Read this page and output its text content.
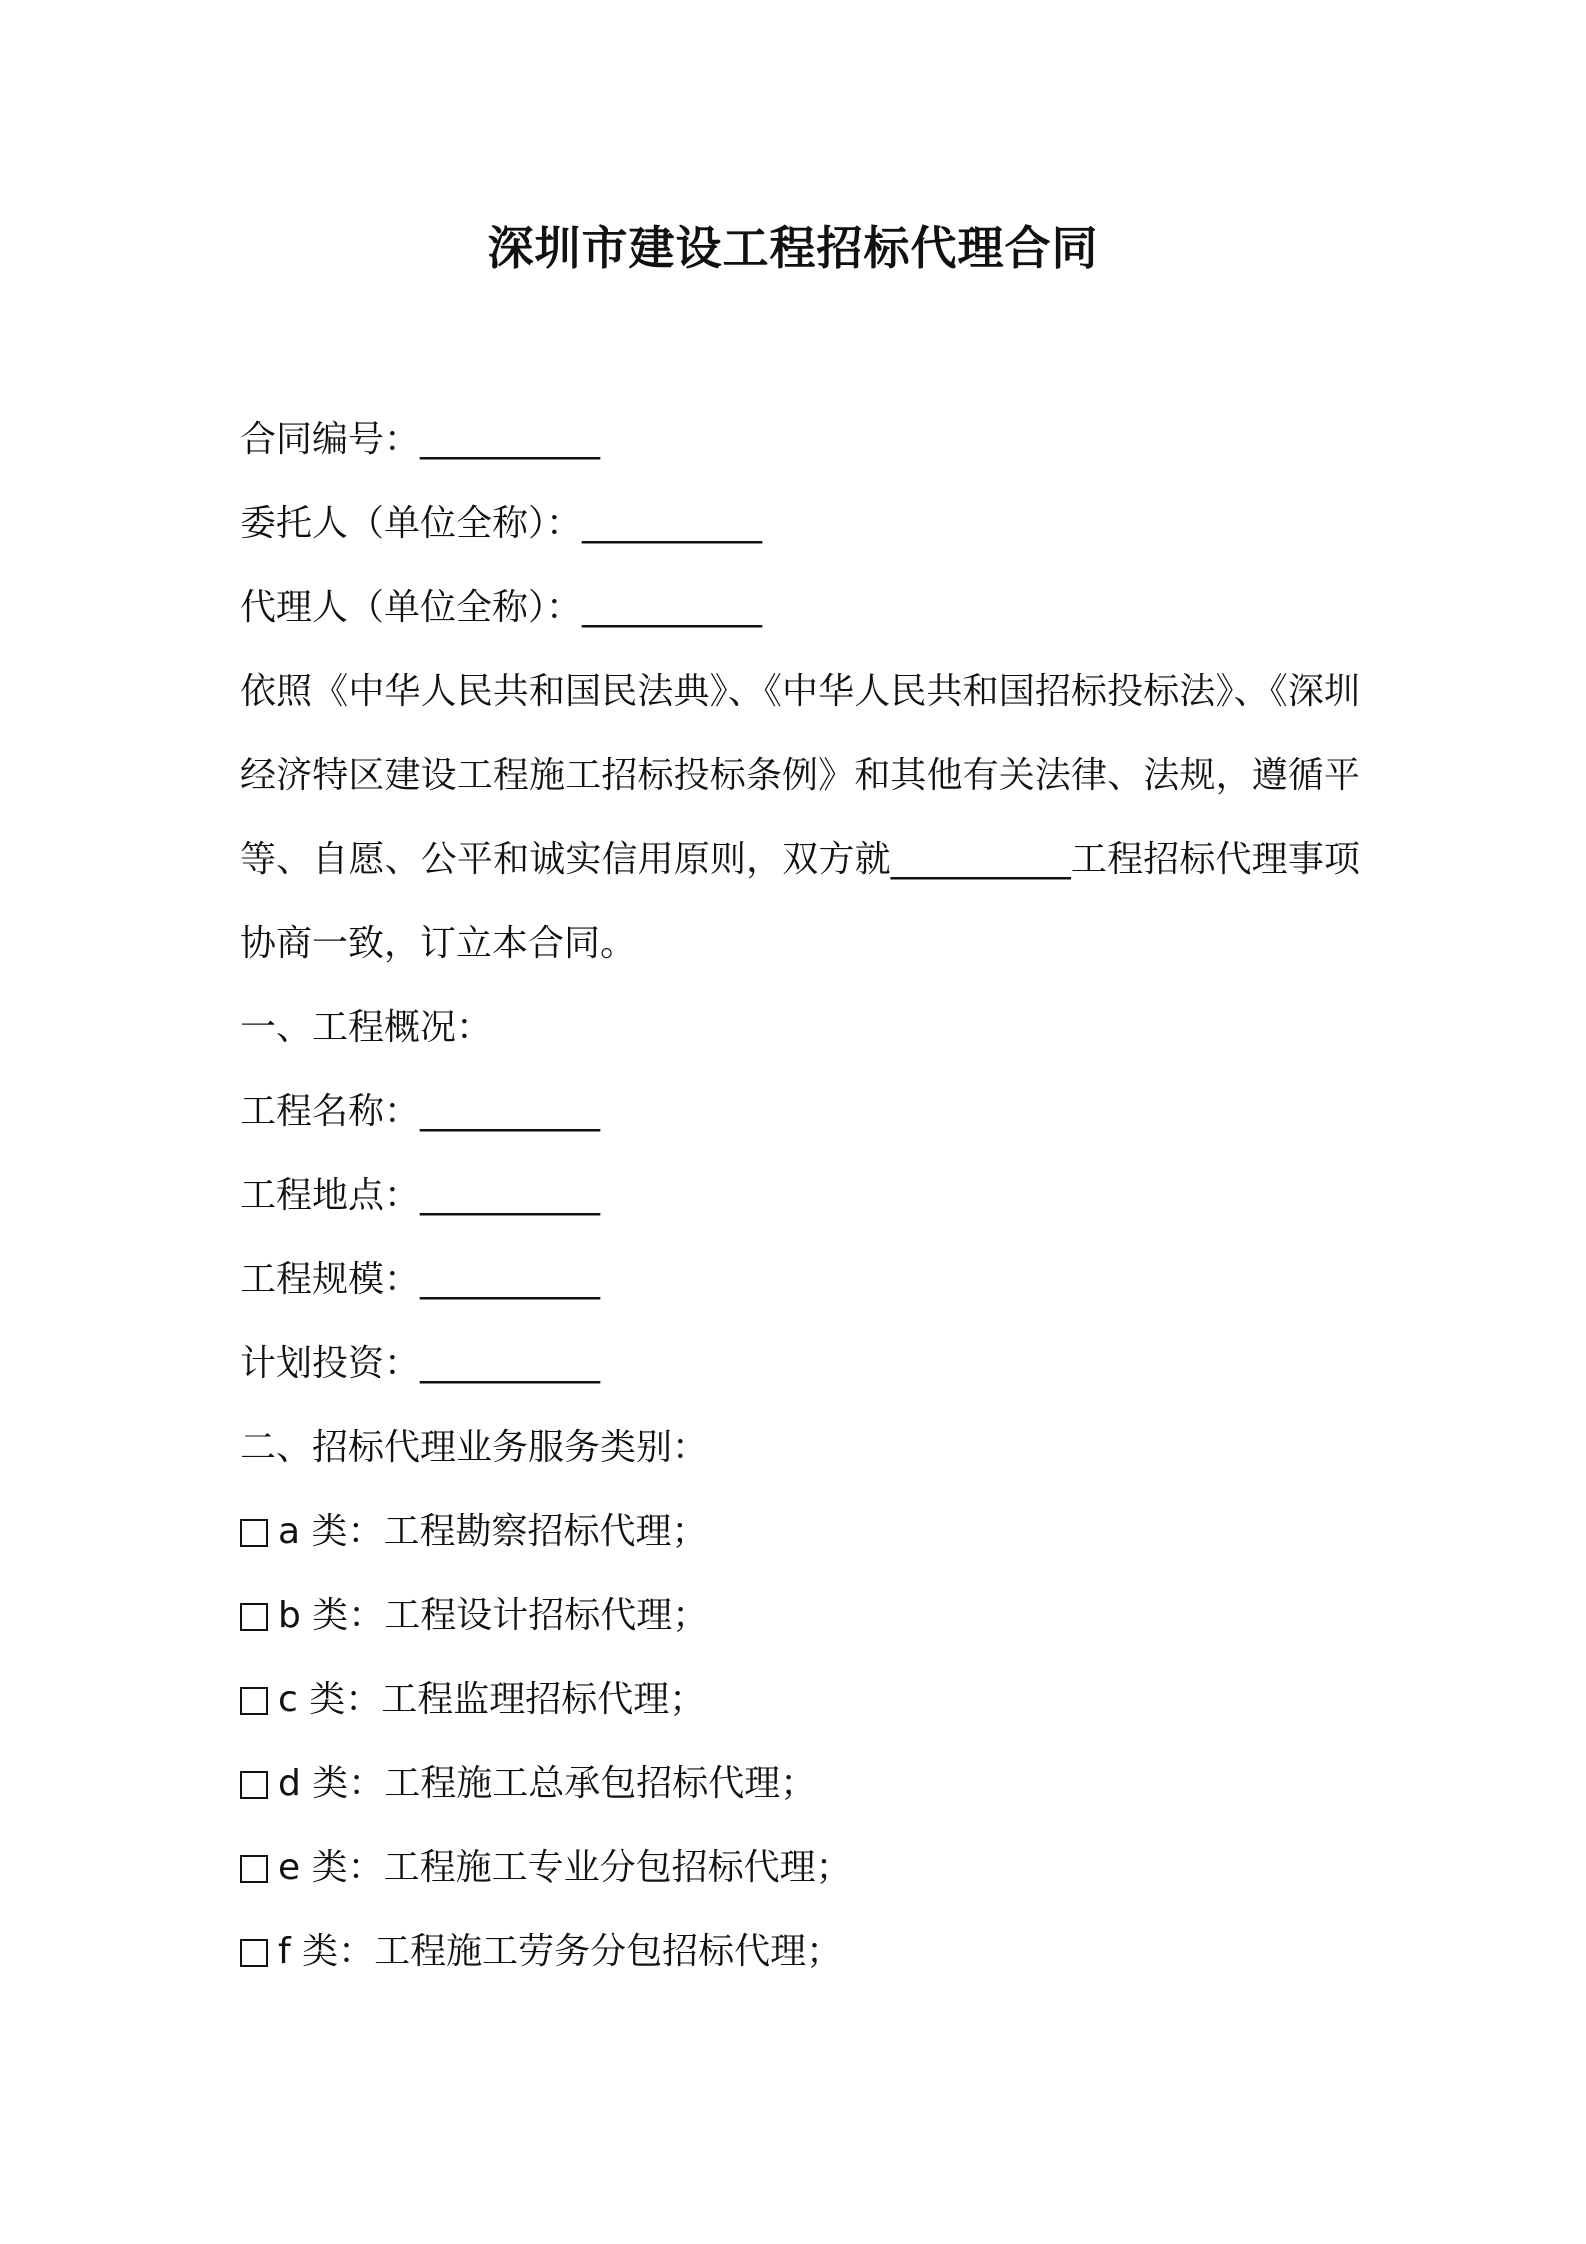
深圳市建设工程招标代理合同
合同编号：__________
委托人（单位全称）：__________
代理人（单位全称）：__________
依照《中华人民共和国民法典》、《中华人民共和国招标投标法》、《深圳经济特区建设工程施工招标投标条例》和其他有关法律、法规，遵循平等、自愿、公平和诚实信用原则，双方就__________工程招标代理事项协商一致，订立本合同。
一、工程概况：
工程名称：__________
工程地点：__________
工程规模：__________
计划投资：__________
二、招标代理业务服务类别：
a 类：工程勘察招标代理；
b 类：工程设计招标代理；
c 类：工程监理招标代理；
d 类：工程施工总承包招标代理；
e 类：工程施工专业分包招标代理；
f 类：工程施工劳务分包招标代理；
